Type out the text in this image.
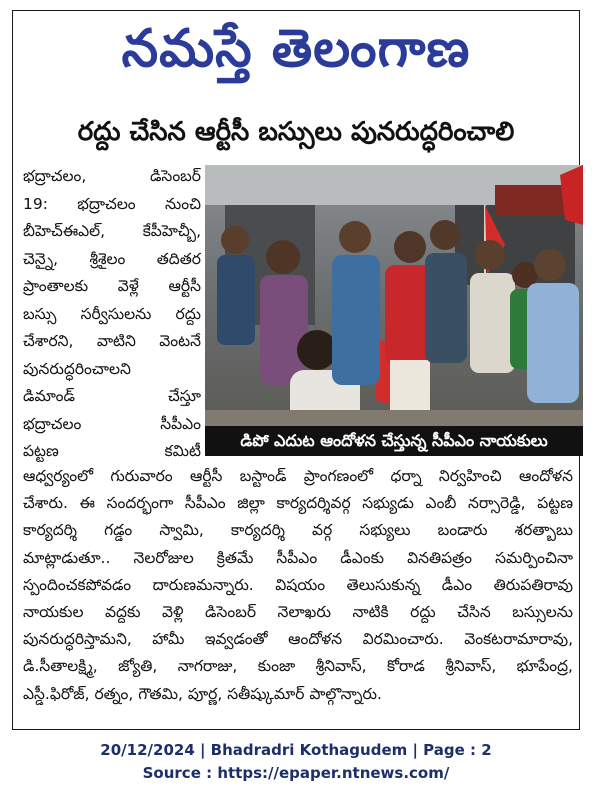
నమస్తే తెలంగాణ
రద్దు చేసిన ఆర్టీసీ బస్సులు పునరుద్ధరించాలి

భద్రాచలం, డిసెంబర్
19: భద్రాచలం నుంచి
బీహెచ్ఈఎల్, కేపీహెచ్బీ,
చెన్నై, శ్రీశైలం తదితర
ప్రాంతాలకు వెళ్లే ఆర్టీసీ
బస్సు సర్వీసులను రద్దు
చేశారని, వాటిని వెంటనే
పునరుద్ధరించాలని
డిమాండ్ చేస్తూ
భద్రాచలం సీపీఎం
పట్టణ కమిటీ

డిపో ఎదుట ఆందోళన చేస్తున్న సీపీఎం నాయకులు
ఆధ్వర్యంలో గురువారం ఆర్టీసీ బస్టాండ్ ప్రాంగణంలో ధర్నా నిర్వహించి ఆందోళన
చేశారు. ఈ సందర్భంగా సీపీఎం జిల్లా కార్యదర్శివర్గ సభ్యుడు ఎంబీ నర్సారెడ్డి, పట్టణ
కార్యదర్శి గడ్డం స్వామి, కార్యదర్శి వర్గ సభ్యులు బండారు శరత్బాబు
మాట్లాడుతూ.. నెలరోజుల క్రితమే సీపీఎం డీఎంకు వినతిపత్రం సమర్పించినా
స్పందించకపోవడం దారుణమన్నారు. విషయం తెలుసుకున్న డీఎం తిరుపతిరావు
నాయకుల వద్దకు వెళ్లి డిసెంబర్ నెలాఖరు నాటికి రద్దు చేసిన బస్సులను
పునరుద్ధరిస్తామని, హామీ ఇవ్వడంతో ఆందోళన విరమించారు. వెంకటరామారావు,
డి.సీతాలక్ష్మి, జ్యోతి, నాగరాజు, కుంజా శ్రీనివాస్, కోరాడ శ్రీనివాస్, భూపేంద్ర,
ఎస్డీ.ఫిరోజ్, రత్నం, గౌతమి, పూర్ణ, సతీష్కుమార్ పాల్గొన్నారు.
20/12/2024 | Bhadradri Kothagudem | Page : 2
Source : https://epaper.ntnews.com/
